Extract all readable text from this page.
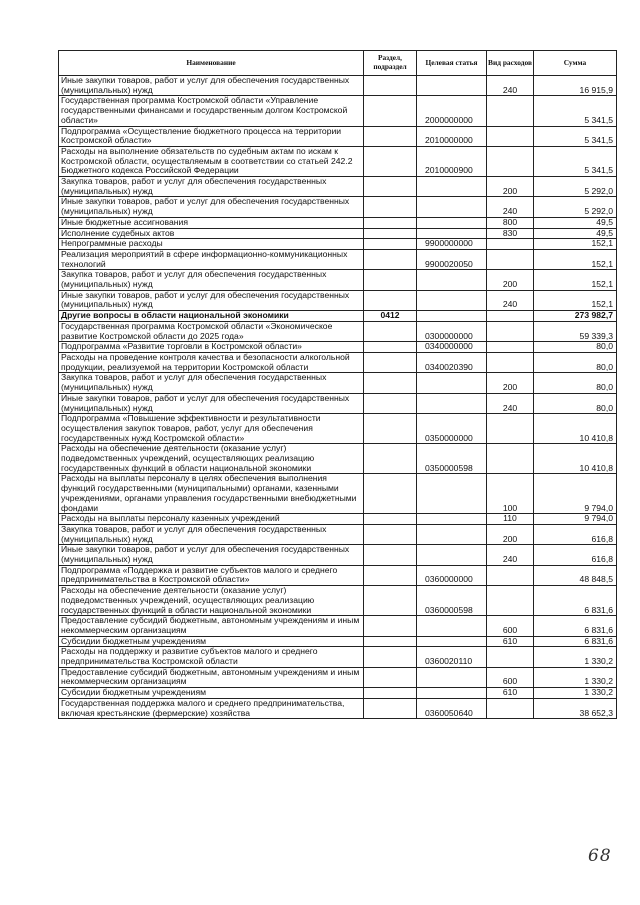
Наименование	Раздел, подраздел	Целевая статья	Вид расходов	Сумма
Иные закупки товаров, работ и услуг для обеспечения государственных (муниципальных) нужд			240	16 915,9
Государственная программа Костромской области «Управление государственными финансами и государственным долгом Костромской области»		2000000000		5 341,5
Подпрограмма «Осуществление бюджетного процесса на территории Костромской области»		2010000000		5 341,5
Расходы на выполнение обязательств по судебным актам по искам к Костромской области, осуществляемым в соответствии со статьей 242.2 Бюджетного кодекса Российской Федерации		2010000900		5 341,5
Закупка товаров, работ и услуг для обеспечения государственных (муниципальных) нужд			200	5 292,0
Иные закупки товаров, работ и услуг для обеспечения государственных (муниципальных) нужд			240	5 292,0
Иные бюджетные ассигнования			800	49,5
Исполнение судебных актов			830	49,5
Непрограммные расходы		9900000000		152,1
Реализация мероприятий в сфере информационно-коммуникационных технологий		9900020050		152,1
Закупка товаров, работ и услуг для обеспечения государственных (муниципальных) нужд			200	152,1
Иные закупки товаров, работ и услуг для обеспечения государственных (муниципальных) нужд			240	152,1
Другие вопросы в области национальной экономики	0412			273 982,7
Государственная программа Костромской области «Экономическое развитие Костромской области до 2025 года»		0300000000		59 339,3
Подпрограмма «Развитие торговли в Костромской области»		0340000000		80,0
Расходы на проведение контроля качества и безопасности алкогольной продукции, реализуемой на территории Костромской области		0340020390		80,0
Закупка товаров, работ и услуг для обеспечения государственных (муниципальных) нужд			200	80,0
Иные закупки товаров, работ и услуг для обеспечения государственных (муниципальных) нужд			240	80,0
Подпрограмма «Повышение эффективности и результативности осуществления закупок товаров, работ, услуг для обеспечения государственных нужд Костромской области»		0350000000		10 410,8
Расходы на обеспечение деятельности (оказание услуг) подведомственных учреждений, осуществляющих реализацию государственных функций в области национальной экономики		0350000598		10 410,8
Расходы на выплаты персоналу в целях обеспечения выполнения функций государственными (муниципальными) органами, казенными учреждениями, органами управления государственными внебюджетными фондами			100	9 794,0
Расходы на выплаты персоналу казенных учреждений			110	9 794,0
Закупка товаров, работ и услуг для обеспечения государственных (муниципальных) нужд			200	616,8
Иные закупки товаров, работ и услуг для обеспечения государственных (муниципальных) нужд			240	616,8
Подпрограмма «Поддержка и развитие субъектов малого и среднего предпринимательства в Костромской области»		0360000000		48 848,5
Расходы на обеспечение деятельности (оказание услуг) подведомственных учреждений, осуществляющих реализацию государственных функций в области национальной экономики		0360000598		6 831,6
Предоставление субсидий бюджетным, автономным учреждениям и иным некоммерческим организациям			600	6 831,6
Субсидии бюджетным учреждениям			610	6 831,6
Расходы на поддержку и развитие субъектов малого и среднего предпринимательства Костромской области		0360020110		1 330,2
Предоставление субсидий бюджетным, автономным учреждениям и иным некоммерческим организациям			600	1 330,2
Субсидии бюджетным учреждениям			610	1 330,2
Государственная поддержка малого и среднего предпринимательства, включая крестьянские (фермерские) хозяйства		0360050640		38 652,3
68
